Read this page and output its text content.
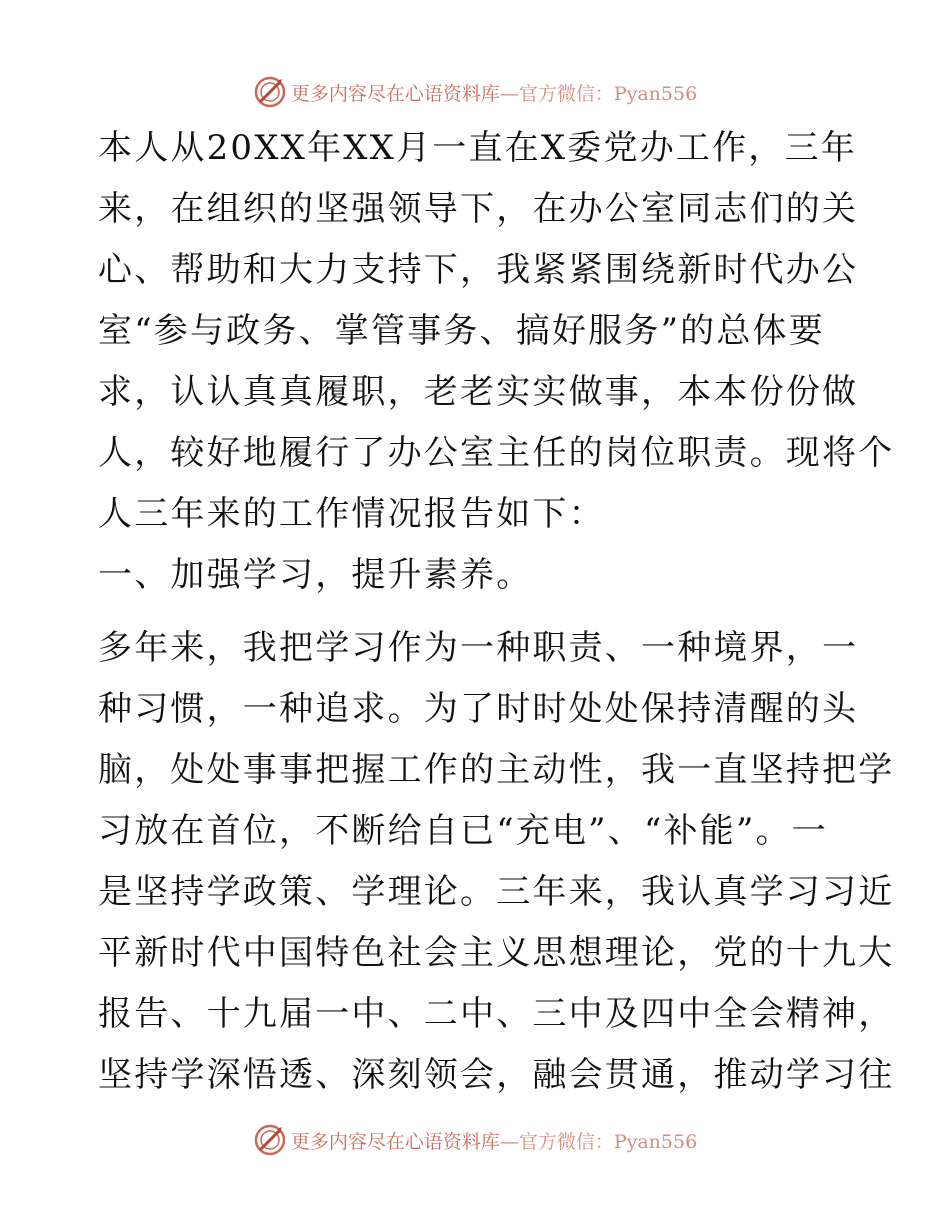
更多内容尽在心语资料库—官方微信：Pyan556
本人从20XX年XX月一直在X委党办工作，三年
来，在组织的坚强领导下，在办公室同志们的关
心、帮助和大力支持下，我紧紧围绕新时代办公
室“参与政务、掌管事务、搞好服务”的总体要
求，认认真真履职，老老实实做事，本本份份做
人，较好地履行了办公室主任的岗位职责。现将个
人三年来的工作情况报告如下：
一、加强学习，提升素养。
多年来，我把学习作为一种职责、一种境界，一
种习惯，一种追求。为了时时处处保持清醒的头
脑，处处事事把握工作的主动性，我一直坚持把学
习放在首位，不断给自已“充电”、“补能”。一
是坚持学政策、学理论。三年来，我认真学习习近
平新时代中国特色社会主义思想理论，党的十九大
报告、十九届一中、二中、三中及四中全会精神，
坚持学深悟透、深刻领会，融会贯通，推动学习往
更多内容尽在心语资料库—官方微信：Pyan556
